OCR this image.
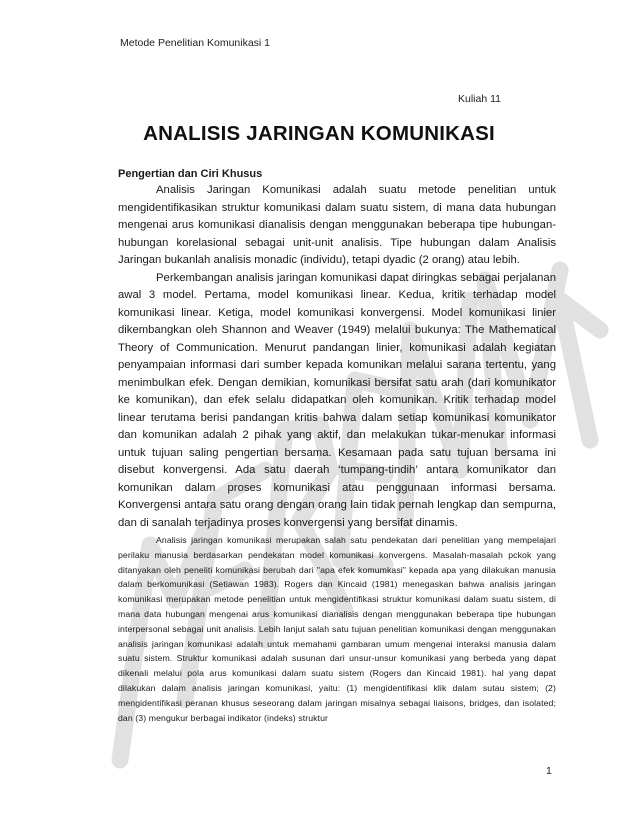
Metode Penelitian Komunikasi 1
Kuliah 11
ANALISIS JARINGAN KOMUNIKASI

Pengertian dan Ciri Khusus

Analisis Jaringan Komunikasi adalah suatu metode penelitian untuk mengidentifikasikan struktur komunikasi dalam suatu sistem, di mana data hubungan mengenai arus komunikasi dianalisis dengan menggunakan beberapa tipe hubungan-hubungan korelasional sebagai unit-unit analisis. Tipe hubungan dalam Analisis Jaringan bukanlah analisis monadic (individu), tetapi dyadic (2 orang) atau lebih.

Perkembangan analisis jaringan komunikasi dapat diringkas sebagai perjalanan awal 3 model. Pertama, model komunikasi linear. Kedua, kritik terhadap model komunikasi linear. Ketiga, model komunikasi konvergensi. Model komunikasi linier dikembangkan oleh Shannon and Weaver (1949) melalui bukunya: The Mathematical Theory of Communication. Menurut pandangan linier, komunikasi adalah kegiatan penyampaian informasi dari sumber kepada komunikan melalui sarana tertentu, yang menimbulkan efek. Dengan demikian, komunikasi bersifat satu arah (dari komunikator ke komunikan), dan efek selalu didapatkan oleh komunikan. Kritik terhadap model linear terutama berisi pandangan kritis bahwa dalam setiap komunikasi komunikator dan komunikan adalah 2 pihak yang aktif, dan melakukan tukar-menukar informasi untuk tujuan saling pengertian bersama. Kesamaan pada satu tujuan bersama ini disebut konvergensi. Ada satu daerah ‘tumpang-tindih’ antara komunikator dan komunikan dalam proses komunikasi atau penggunaan informasi bersama. Konvergensi antara satu orang dengan orang lain tidak pernah lengkap dan sempurna, dan di sanalah terjadinya proses konvergensi yang bersifat dinamis.

Analisis jaringan komunikasi merupakan salah satu pendekatan dari penelitian yang mempelajari perilaku manusia berdasarkan pendekatan model komunikasi konvergens. Masalah-masalah pckok yang ditanyakan oleh peneliti komunikasi berubah dari "apa efek komumkasi" kepada apa yang dilakukan manusia dalam berkomunikasi (Setiawan 1983). Rogers dan Kincaid (1981) menegaskan bahwa analisis jaringan komunikasi merupakan metode penelitian untuk mengidentifikasi struktur komunikasi dalam suatu sistem, di mana data hubungan mengenai arus komunikasi dianalisis dengan menggunakan beberapa tipe hubungan interpersonal sebagai unit analisis. Lebih lanjut salah satu tujuan penelitian komunikasi dengan menggunakan analisis jaringan komunikasi adalah untuk memahami gambaran umum mengenai interaksi manusia dalam suatu sistem. Struktur komunikasi adalah susunan dari unsur-unsur komunikasi yang berbeda yang dapat dikenali melalui pola arus komunikasi dalam suatu sistem (Rogers dan Kincaid 1981). hal yang dapat dilakukan dalam analisis jaringan komunikasi, yaitu: (1) mengidentifikasi klik dalam sutau sistem; (2) mengidentifikasi peranan khusus seseorang dalam jaringan misalnya sebagai liaisons, bridges, dan isolated; dan (3) mengukur berbagai indikator (indeks) struktur

1
